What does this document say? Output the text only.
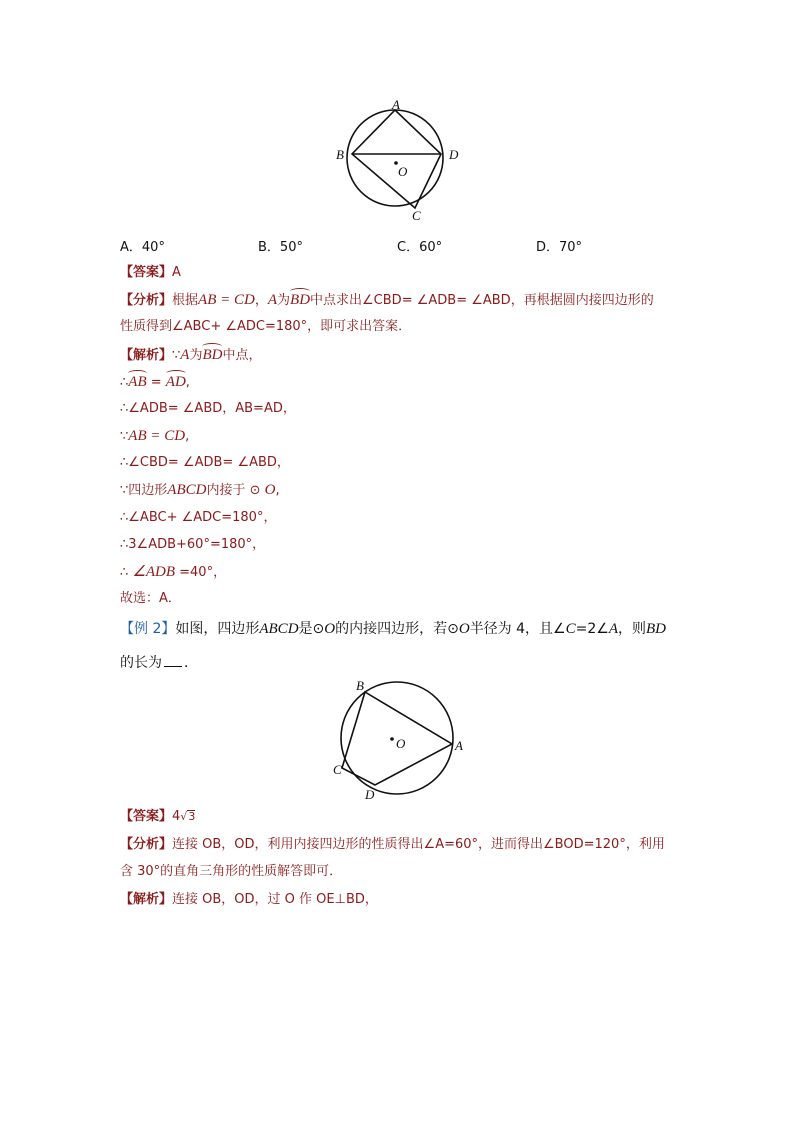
A
B
C
D
O
A．40°	B．50°	C．60°	D．70°
【答案】A
【分析】根据AB = CD，A为BD中点求出∠CBD= ∠ADB= ∠ABD，再根据圆内接四边形的
性质得到∠ABC+ ∠ADC=180°，即可求出答案．
【解析】∵A为BD中点，
∴AB = AD,
∴∠ADB= ∠ABD，AB=AD，
∵AB = CD,
∴∠CBD= ∠ADB= ∠ABD，
∵四边形ABCD内接于 ⊙ O,
∴∠ABC+ ∠ADC=180°，
∴3∠ADB+60°=180°，
∴ ∠ADB =40°，
故选：A．
【例 2】如图，四边形ABCD是⊙O的内接四边形，若⊙O半径为 4，且∠C=2∠A，则BD
的长为 ．
B
A
C
D
O
【答案】4√3
【分析】连接 OB，OD，利用内接四边形的性质得出∠A=60°，进而得出∠BOD=120°，利用
含 30°的直角三角形的性质解答即可．
【解析】连接 OB，OD，过 O 作 OE⊥BD，
